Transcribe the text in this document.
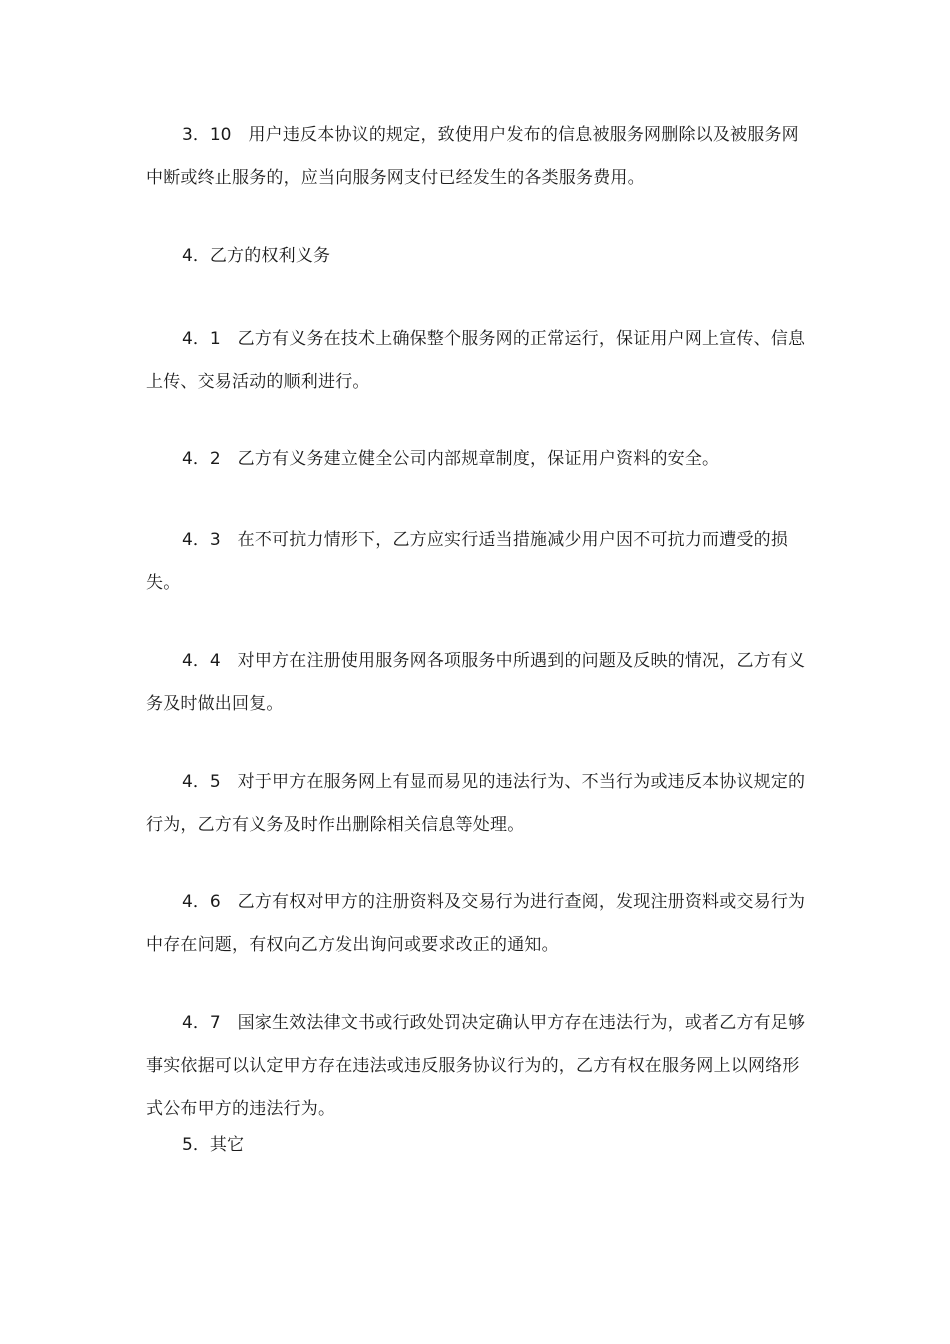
3．10　用户违反本协议的规定，致使用户发布的信息被服务网删除以及被服务网中断或终止服务的，应当向服务网支付已经发生的各类服务费用。

4．乙方的权利义务

4．1　乙方有义务在技术上确保整个服务网的正常运行，保证用户网上宣传、信息上传、交易活动的顺利进行。

4．2　乙方有义务建立健全公司内部规章制度，保证用户资料的安全。

4．3　在不可抗力情形下，乙方应实行适当措施减少用户因不可抗力而遭受的损失。

4．4　对甲方在注册使用服务网各项服务中所遇到的问题及反映的情况，乙方有义务及时做出回复。

4．5　对于甲方在服务网上有显而易见的违法行为、不当行为或违反本协议规定的行为，乙方有义务及时作出删除相关信息等处理。

4．6　乙方有权对甲方的注册资料及交易行为进行查阅，发现注册资料或交易行为中存在问题，有权向乙方发出询问或要求改正的通知。

4．7　国家生效法律文书或行政处罚决定确认甲方存在违法行为，或者乙方有足够事实依据可以认定甲方存在违法或违反服务协议行为的，乙方有权在服务网上以网络形式公布甲方的违法行为。

5．其它
